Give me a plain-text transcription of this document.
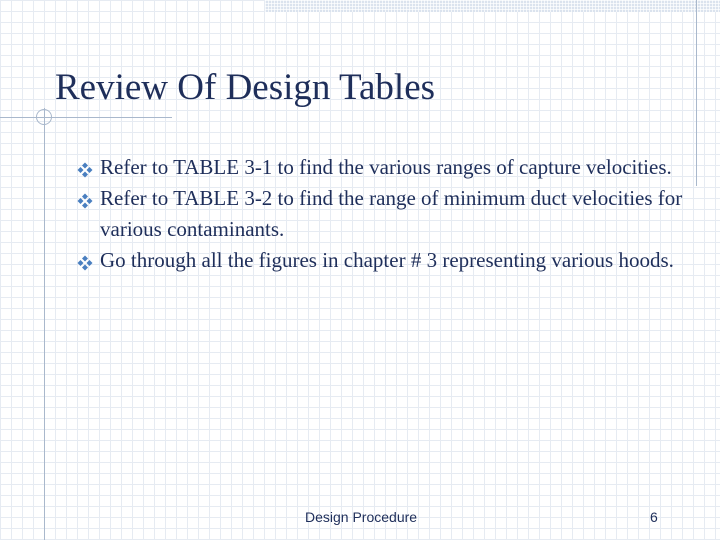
Review Of Design Tables
Refer to TABLE 3-1 to find the various ranges of capture velocities.
Refer to TABLE 3-2 to find the range of minimum duct velocities for various contaminants.
Go through all the figures in chapter # 3 representing various hoods.
Design Procedure	6
